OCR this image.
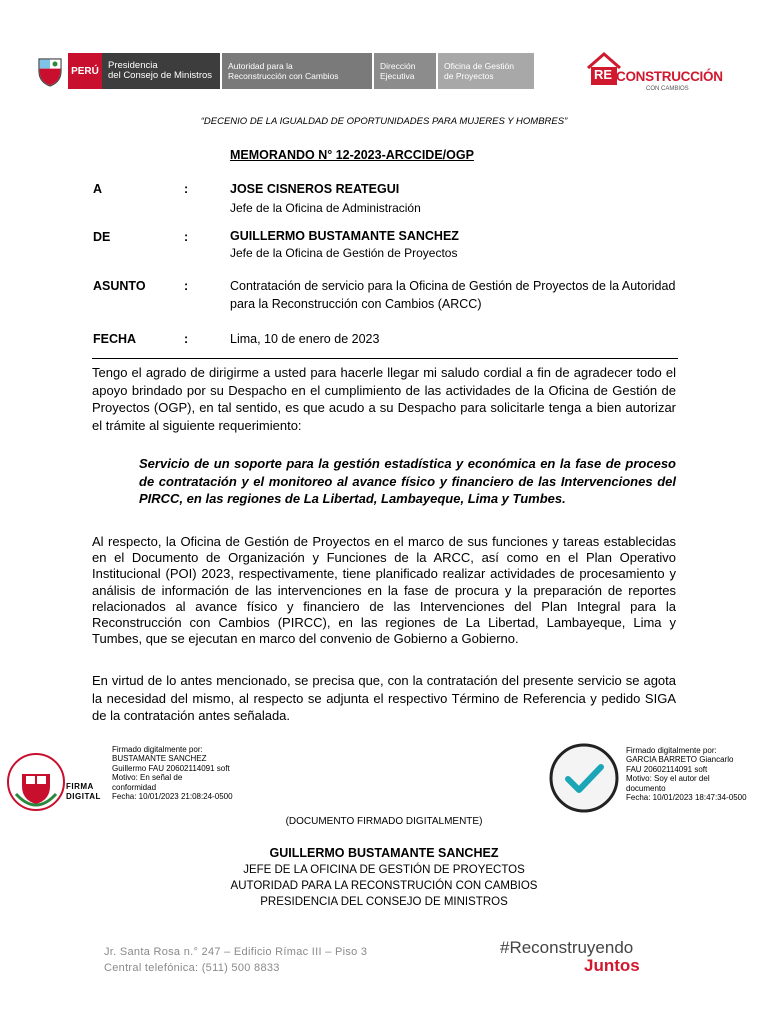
PERÚ Presidencia
del Consejo de Ministros
Autoridad para la
Reconstrucción con Cambios
Dirección
Ejecutiva
Oficina de Gestión
de Proyectos	RE CONSTRUCCIÓN
CON CAMBIOS
“DECENIO DE LA IGUALDAD DE OPORTUNIDADES PARA MUJERES Y HOMBRES”
MEMORANDO N° 12-2023-ARCCIDE/OGP
A	:	JOSE CISNEROS REATEGUI
Jefe de la Oficina de Administración
DE	:	GUILLERMO BUSTAMANTE SANCHEZ
Jefe de la Oficina de Gestión de Proyectos
ASUNTO	:	Contratación de servicio para la Oficina de Gestión de Proyectos de la Autoridad
para la Reconstrucción con Cambios (ARCC)
FECHA	:	Lima, 10 de enero de 2023
Tengo el agrado de dirigirme a usted para hacerle llegar mi saludo cordial a fin de agradecer todo el apoyo brindado por su Despacho en el cumplimiento de las actividades de la Oficina de Gestión de Proyectos (OGP), en tal sentido, es que acudo a su Despacho para solicitarle tenga a bien autorizar el trámite al siguiente requerimiento:
Servicio de un soporte para la gestión estadística y económica en la fase de proceso de contratación y el monitoreo al avance físico y financiero de las Intervenciones del PIRCC, en las regiones de La Libertad, Lambayeque, Lima y Tumbes.
Al respecto, la Oficina de Gestión de Proyectos en el marco de sus funciones y tareas establecidas en el Documento de Organización y Funciones de la ARCC, así como en el Plan Operativo Institucional (POI) 2023, respectivamente, tiene planificado realizar actividades de procesamiento y análisis de información de las intervenciones en la fase de procura y la preparación de reportes relacionados al avance físico y financiero de las Intervenciones del Plan Integral para la Reconstrucción con Cambios (PIRCC), en las regiones de La Libertad, Lambayeque, Lima y Tumbes, que se ejecutan en marco del convenio de Gobierno a Gobierno.
En virtud de lo antes mencionado, se precisa que, con la contratación del presente servicio se agota la necesidad del mismo, al respecto se adjunta el respectivo Término de Referencia y pedido SIGA de la contratación antes señalada.
FIRMA
DIGITAL
Firmado digitalmente por:
BUSTAMANTE SANCHEZ
Guillermo FAU 20602114091 soft
Motivo: En señal de
conformidad
Fecha: 10/01/2023 21:08:24-0500
Firmado digitalmente por:
GARCIA BARRETO Giancarlo
FAU 20602114091 soft
Motivo: Soy el autor del
documento
Fecha: 10/01/2023 18:47:34-0500
(DOCUMENTO FIRMADO DIGITALMENTE)
GUILLERMO BUSTAMANTE SANCHEZ
JEFE DE LA OFICINA DE GESTIÓN DE PROYECTOS
AUTORIDAD PARA LA RECONSTRUCIÓN CON CAMBIOS
PRESIDENCIA DEL CONSEJO DE MINISTROS
Jr. Santa Rosa n.° 247 – Edificio Rímac III – Piso 3
Central telefónica: (511) 500 8833
#Reconstruyendo
Juntos
